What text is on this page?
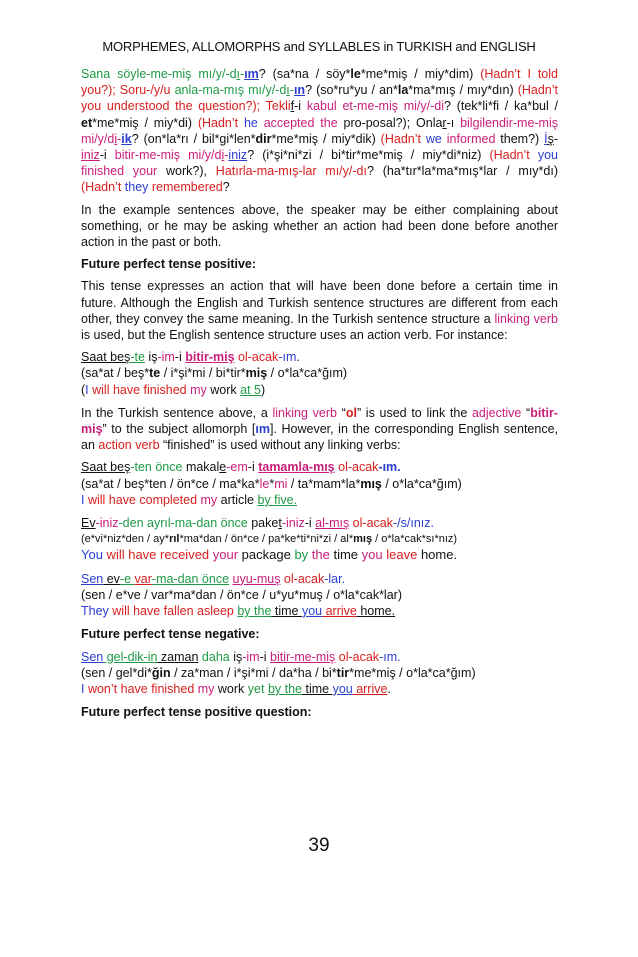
MORPHEMES, ALLOMORPHS and SYLLABLES in TURKISH and ENGLISH

Sana söyle-me-miş mı/y/-dı-ım? (sa*na / söy*le*me*miş / miy*dim) (Hadn’t I told you?); Soru-/y/u anla-ma-mış mı/y/-dı-ın? (so*ru*yu / an*la*ma*mış / mıy*dın) (Hadn’t you understood the question?); Teklif-i kabul et-me-miş mi/y/-di? (tek*li*fi / ka*bul / et*me*miş / miy*di) (Hadn’t he accepted the pro-posal?); Onlar-ı bilgilendir-me-miş mi/y/di-ik? (on*la*rı / bil*gi*len*dir*me*miş / miy*dik) (Hadn’t we informed them?) İş-iniz-i bitir-me-miş mi/y/di-iniz? (i*şi*ni*zi / bi*tir*me*miş / miy*di*niz) (Hadn’t you finished your work?), Hatırla-ma-mış-lar mı/y/-dı? (ha*tır*la*ma*mış*lar / mıy*dı) (Hadn’t they remembered?

In the example sentences above, the speaker may be either complaining about something, or he may be asking whether an action had been done before another action in the past or both.

Future perfect tense positive:

This tense expresses an action that will have been done before a certain time in future. Although the English and Turkish sentence structures are different from each other, they convey the same meaning. In the Turkish sentence structure a linking verb is used, but the English sentence structure uses an action verb. For instance:

Saat beş-te iş-im-i bitir-miş ol-acak-ım.
(sa*at / beş*te / i*şi*mi / bi*tir*miş / o*la*ca*ğım)
(I will have finished my work at 5)

In the Turkish sentence above, a linking verb “ol” is used to link the adjective “bitir-miş” to the subject allomorph [ım]. However, in the corresponding English sentence, an action verb “finished” is used without any linking verbs:

Saat beş-ten önce makale-em-i tamamla-mış ol-acak-ım.
(sa*at / beş*ten / ön*ce / ma*ka*le*mi / ta*mam*la*mış / o*la*ca*ğım)
I will have completed my article by five.
Ev-iniz-den ayrıl-ma-dan önce paket-iniz-i al-mış ol-acak-/s/ınız.
(e*vi*niz*den / ay*rıl*ma*dan / ön*ce / pa*ke*ti*ni*zi / al*mış / o*la*cak*sı*nız)
You will have received your package by the time you leave home.
Sen ev-e var-ma-dan önce uyu-muş ol-acak-lar.
(sen / e*ve / var*ma*dan / ön*ce / u*yu*muş / o*la*cak*lar)
They will have fallen asleep by the time you arrive home.
Future perfect tense negative:
Sen gel-dik-in zaman daha iş-im-i bitir-me-miş ol-acak-ım.
(sen / gel*di*ğin / za*man / i*şi*mi / da*ha / bi*tir*me*miş / o*la*ca*ğım)
I won’t have finished my work yet by the time you arrive.
Future perfect tense positive question:
39
